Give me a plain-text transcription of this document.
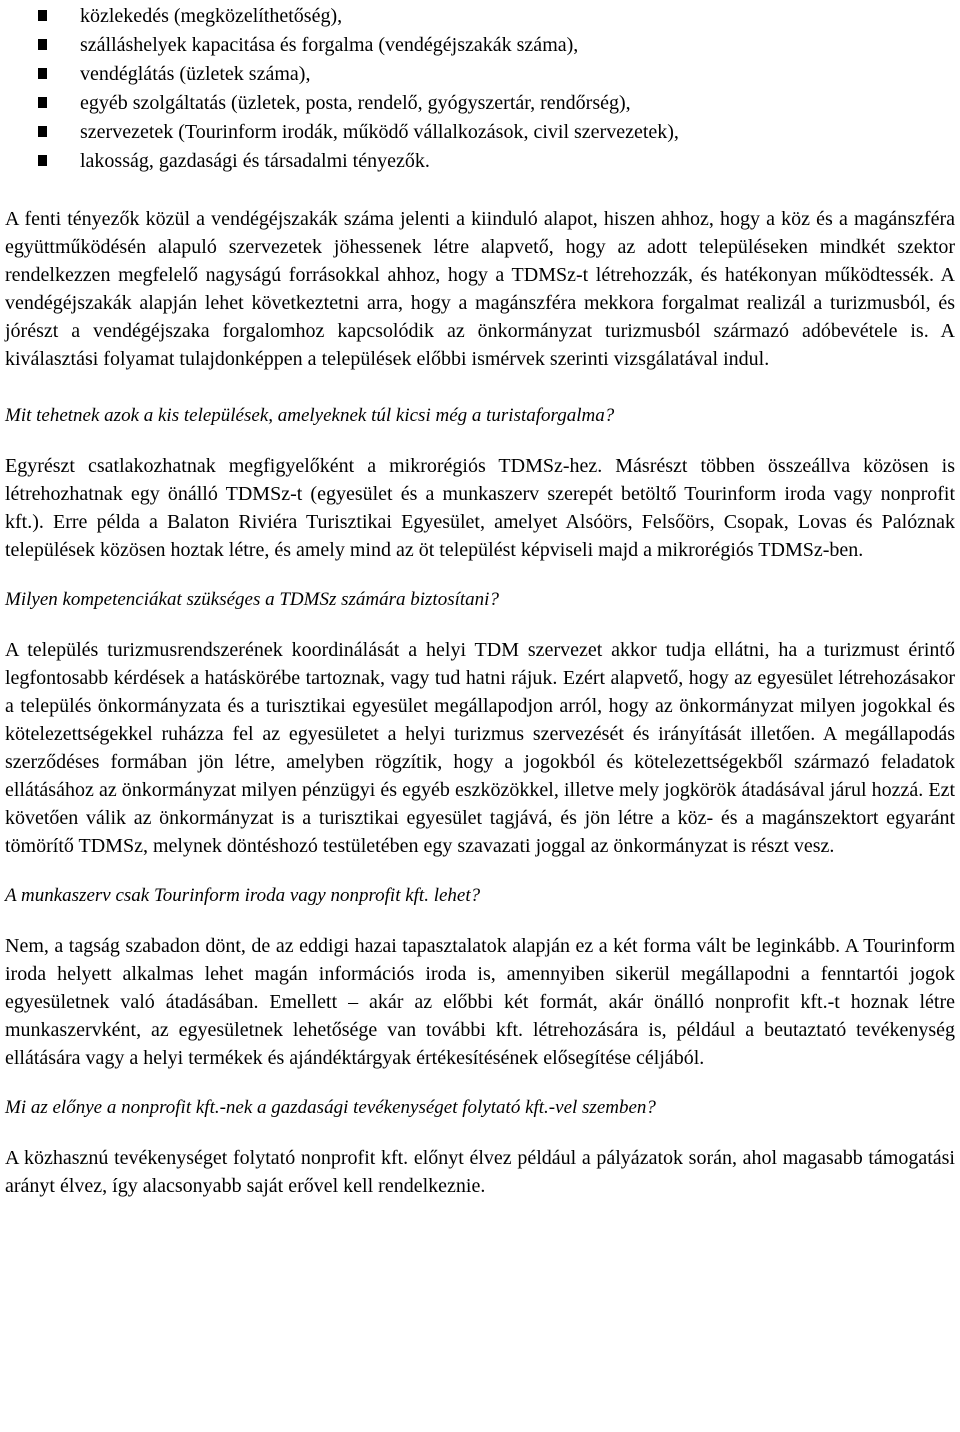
közlekedés (megközelíthetőség),
szálláshelyek kapacitása és forgalma (vendégéjszakák száma),
vendéglátás (üzletek száma),
egyéb szolgáltatás (üzletek, posta, rendelő, gyógyszertár, rendőrség),
szervezetek (Tourinform irodák, működő vállalkozások, civil szervezetek),
lakosság, gazdasági és társadalmi tényezők.

A fenti tényezők közül a vendégéjszakák száma jelenti a kiinduló alapot, hiszen ahhoz, hogy a köz és a magánszféra együttműködésén alapuló szervezetek jöhessenek létre alapvető, hogy az adott településeken mindkét szektor rendelkezzen megfelelő nagyságú forrásokkal ahhoz, hogy a TDMSz-t létrehozzák, és hatékonyan működtessék. A vendégéjszakák alapján lehet következtetni arra, hogy a magánszféra mekkora forgalmat realizál a turizmusból, és jórészt a vendégéjszaka forgalomhoz kapcsolódik az önkormányzat turizmusból származó adóbevétele is. A kiválasztási folyamat tulajdonképpen a települések előbbi ismérvek szerinti vizsgálatával indul.

Mit tehetnek azok a kis települések, amelyeknek túl kicsi még a turistaforgalma?

Egyrészt csatlakozhatnak megfigyelőként a mikrorégiós TDMSz-hez. Másrészt többen összeállva közösen is létrehozhatnak egy önálló TDMSz-t (egyesület és a munkaszerv szerepét betöltő Tourinform iroda vagy nonprofit kft.). Erre példa a Balaton Riviéra Turisztikai Egyesület, amelyet Alsóörs, Felsőörs, Csopak, Lovas és Palóznak települések közösen hoztak létre, és amely mind az öt települést képviseli majd a mikrorégiós TDMSz-ben.

Milyen kompetenciákat szükséges a TDMSz számára biztosítani?

A település turizmusrendszerének koordinálását a helyi TDM szervezet akkor tudja ellátni, ha a turizmust érintő legfontosabb kérdések a hatáskörébe tartoznak, vagy tud hatni rájuk. Ezért alapvető, hogy az egyesület létrehozásakor a település önkormányzata és a turisztikai egyesület megállapodjon arról, hogy az önkormányzat milyen jogokkal és kötelezettségekkel ruházza fel az egyesületet a helyi turizmus szervezését és irányítását illetően. A megállapodás szerződéses formában jön létre, amelyben rögzítik, hogy a jogokból és kötelezettségekből származó feladatok ellátásához az önkormányzat milyen pénzügyi és egyéb eszközökkel, illetve mely jogkörök átadásával járul hozzá. Ezt követően válik az önkormányzat is a turisztikai egyesület tagjává, és jön létre a köz- és a magánszektort egyaránt tömörítő TDMSz, melynek döntéshozó testületében egy szavazati joggal az önkormányzat is részt vesz.

A munkaszerv csak Tourinform iroda vagy nonprofit kft. lehet?

Nem, a tagság szabadon dönt, de az eddigi hazai tapasztalatok alapján ez a két forma vált be leginkább. A Tourinform iroda helyett alkalmas lehet magán információs iroda is, amennyiben sikerül megállapodni a fenntartói jogok egyesületnek való átadásában. Emellett – akár az előbbi két formát, akár önálló nonprofit kft.-t hoznak létre munkaszervként, az egyesületnek lehetősége van további kft. létrehozására is, például a beutaztató tevékenység ellátására vagy a helyi termékek és ajándéktárgyak értékesítésének elősegítése céljából.

Mi az előnye a nonprofit kft.-nek a gazdasági tevékenységet folytató kft.-vel szemben?

A közhasznú tevékenységet folytató nonprofit kft. előnyt élvez például a pályázatok során, ahol magasabb támogatási arányt élvez, így alacsonyabb saját erővel kell rendelkeznie.
